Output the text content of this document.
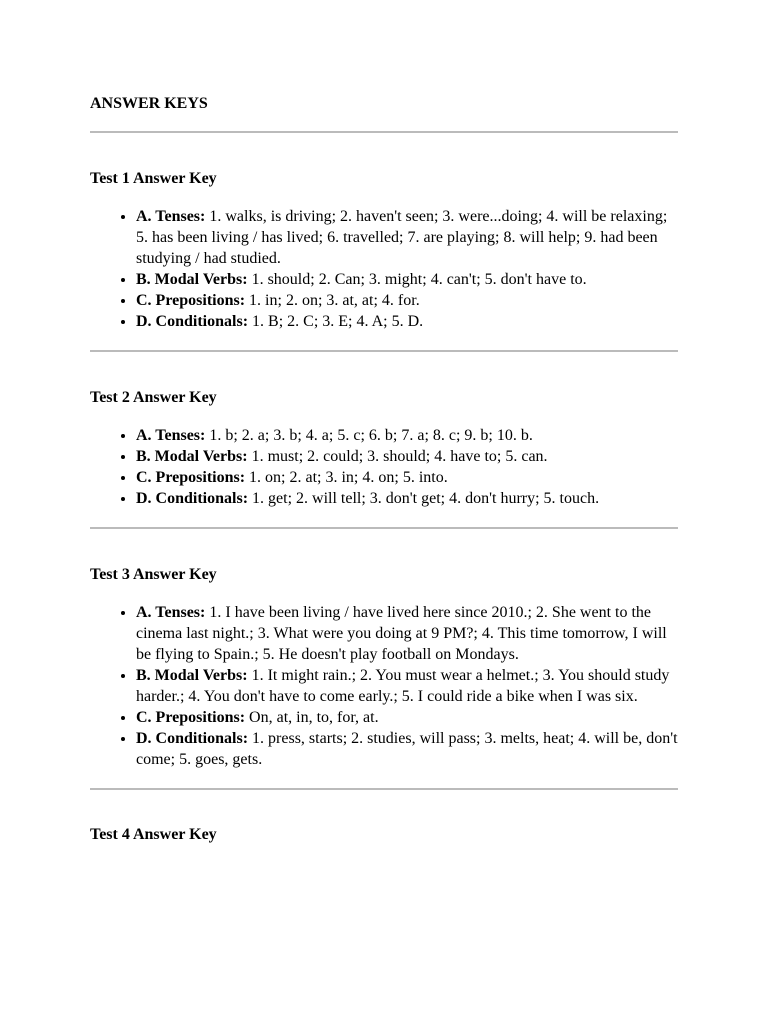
ANSWER KEYS
Test 1 Answer Key
• A. Tenses: 1. walks, is driving; 2. haven't seen; 3. were...doing; 4. will be relaxing; 5. has been living / has lived; 6. travelled; 7. are playing; 8. will help; 9. had been studying / had studied.
• B. Modal Verbs: 1. should; 2. Can; 3. might; 4. can't; 5. don't have to.
• C. Prepositions: 1. in; 2. on; 3. at, at; 4. for.
• D. Conditionals: 1. B; 2. C; 3. E; 4. A; 5. D.
Test 2 Answer Key
• A. Tenses: 1. b; 2. a; 3. b; 4. a; 5. c; 6. b; 7. a; 8. c; 9. b; 10. b.
• B. Modal Verbs: 1. must; 2. could; 3. should; 4. have to; 5. can.
• C. Prepositions: 1. on; 2. at; 3. in; 4. on; 5. into.
• D. Conditionals: 1. get; 2. will tell; 3. don't get; 4. don't hurry; 5. touch.
Test 3 Answer Key
• A. Tenses: 1. I have been living / have lived here since 2010.; 2. She went to the cinema last night.; 3. What were you doing at 9 PM?; 4. This time tomorrow, I will be flying to Spain.; 5. He doesn't play football on Mondays.
• B. Modal Verbs: 1. It might rain.; 2. You must wear a helmet.; 3. You should study harder.; 4. You don't have to come early.; 5. I could ride a bike when I was six.
• C. Prepositions: On, at, in, to, for, at.
• D. Conditionals: 1. press, starts; 2. studies, will pass; 3. melts, heat; 4. will be, don't come; 5. goes, gets.
Test 4 Answer Key
